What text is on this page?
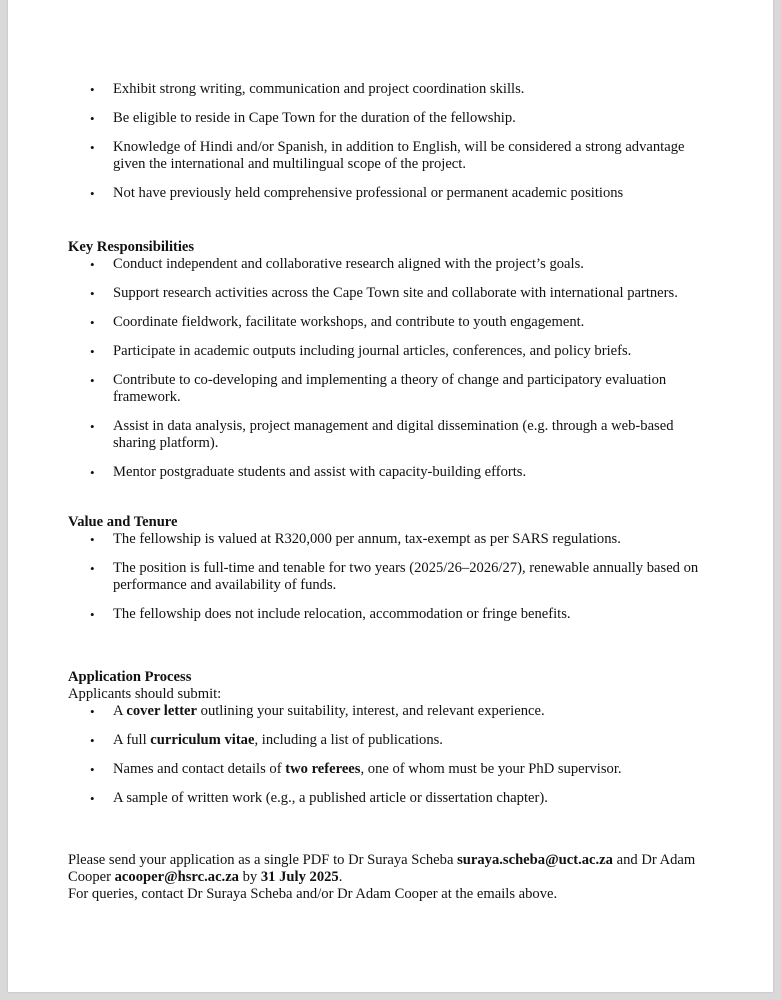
• Exhibit strong writing, communication and project coordination skills.
• Be eligible to reside in Cape Town for the duration of the fellowship.
• Knowledge of Hindi and/or Spanish, in addition to English, will be considered a strong advantage given the international and multilingual scope of the project.
• Not have previously held comprehensive professional or permanent academic positions

Key Responsibilities

• Conduct independent and collaborative research aligned with the project’s goals.
• Support research activities across the Cape Town site and collaborate with international partners.
• Coordinate fieldwork, facilitate workshops, and contribute to youth engagement.
• Participate in academic outputs including journal articles, conferences, and policy briefs.
• Contribute to co-developing and implementing a theory of change and participatory evaluation framework.
• Assist in data analysis, project management and digital dissemination (e.g. through a web-based sharing platform).
• Mentor postgraduate students and assist with capacity-building efforts.

Value and Tenure

• The fellowship is valued at R320,000 per annum, tax-exempt as per SARS regulations.
• The position is full-time and tenable for two years (2025/26–2026/27), renewable annually based on performance and availability of funds.
• The fellowship does not include relocation, accommodation or fringe benefits.

Application Process

Applicants should submit:

• A cover letter outlining your suitability, interest, and relevant experience.
• A full curriculum vitae, including a list of publications.
• Names and contact details of two referees, one of whom must be your PhD supervisor.
• A sample of written work (e.g., a published article or dissertation chapter).

Please send your application as a single PDF to Dr Suraya Scheba suraya.scheba@uct.ac.za and Dr Adam Cooper acooper@hsrc.ac.za by 31 July 2025.

For queries, contact Dr Suraya Scheba and/or Dr Adam Cooper at the emails above.
